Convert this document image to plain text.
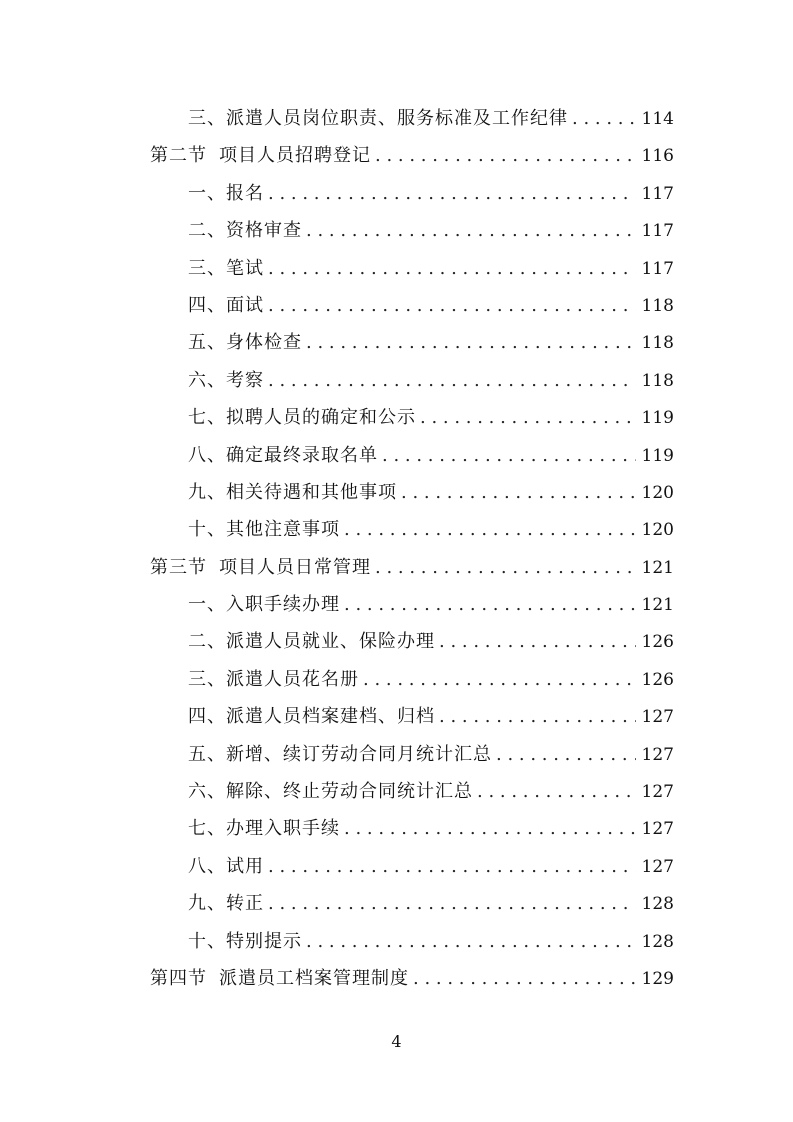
三、派遣人员岗位职责、服务标准及工作纪律 . . .	114
第二节 项目人员招聘登记 . . .	116
一、报名 . . .	117
二、资格审查 . . .	117
三、笔试 . . .	117
四、面试 . . .	118
五、身体检查 . . .	118
六、考察 . . .	118
七、拟聘人员的确定和公示 . . .	119
八、确定最终录取名单 . . .	119
九、相关待遇和其他事项 . . .	120
十、其他注意事项 . . .	120
第三节 项目人员日常管理 . . .	121
一、入职手续办理 . . .	121
二、派遣人员就业、保险办理 . . .	126
三、派遣人员花名册 . . .	126
四、派遣人员档案建档、归档 . . .	127
五、新增、续订劳动合同月统计汇总 . . .	127
六、解除、终止劳动合同统计汇总 . . .	127
七、办理入职手续 . . .	127
八、试用 . . .	127
九、转正 . . .	128
十、特别提示 . . .	128
第四节 派遣员工档案管理制度 . . .	129
4
